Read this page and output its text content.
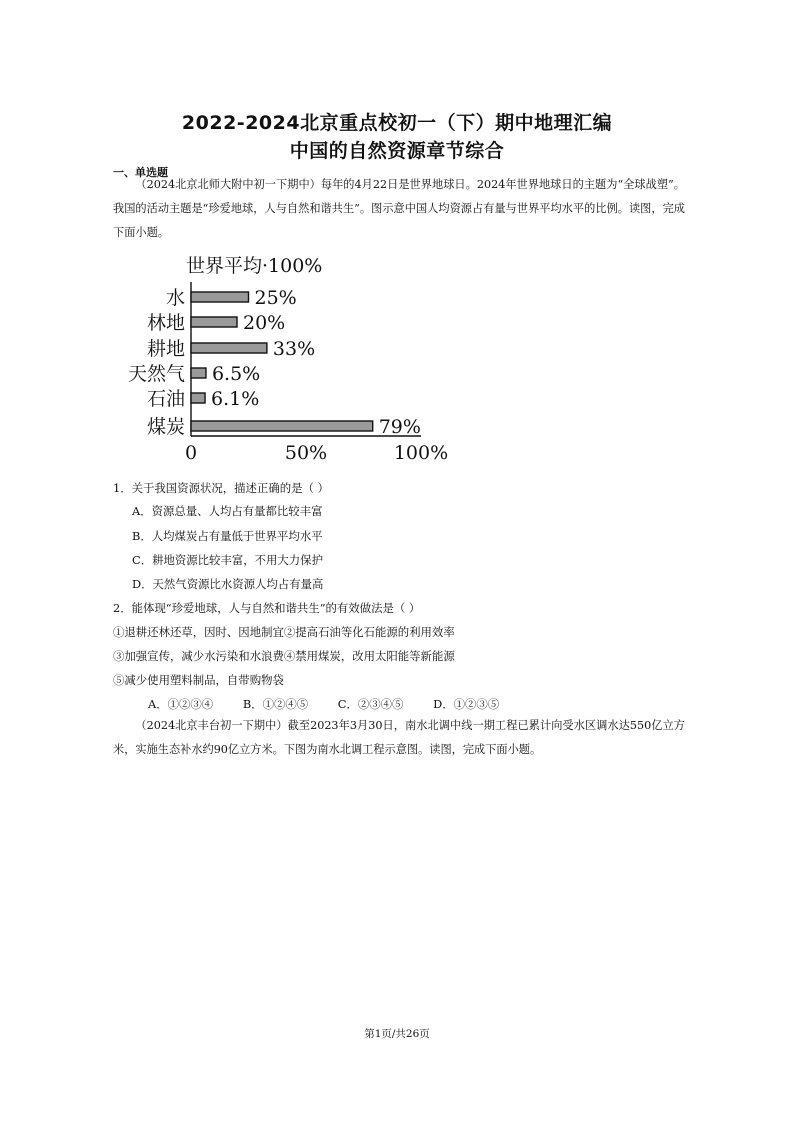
2022-2024北京重点校初一（下）期中地理汇编
中国的自然资源章节综合
一、单选题
（2024北京北师大附中初一下期中）每年的4月22日是世界地球日。2024年世界地球日的主题为“全球战塑”。我国的活动主题是“珍爱地球，人与自然和谐共生”。图示意中国人均资源占有量与世界平均水平的比例。读图，完成下面小题。
世界平均·100%
水	25%
林地	20%
耕地	33%
天然气 6.5%
石油 6.1%
煤炭	79%
0	50%	100%
1．关于我国资源状况，描述正确的是（ ）
A．资源总量、人均占有量都比较丰富
B．人均煤炭占有量低于世界平均水平
C．耕地资源比较丰富，不用大力保护
D．天然气资源比水资源人均占有量高
2．能体现“珍爱地球，人与自然和谐共生”的有效做法是（ ）
①退耕还林还草，因时、因地制宜②提高石油等化石能源的利用效率
③加强宣传，减少水污染和水浪费④禁用煤炭，改用太阳能等新能源
⑤减少使用塑料制品，自带购物袋
A．①②③④	B．①②④⑤	C．②③④⑤	D．①②③⑤
（2024北京丰台初一下期中）截至2023年3月30日，南水北调中线一期工程已累计向受水区调水达550亿立方米，实施生态补水约90亿立方米。下图为南水北调工程示意图。读图，完成下面小题。
第1页/共26页
